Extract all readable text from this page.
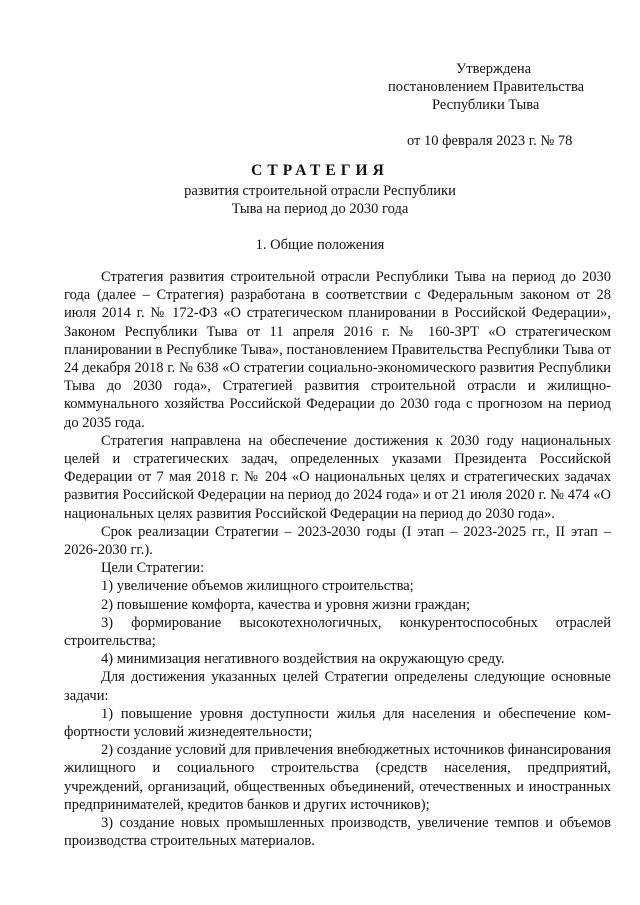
Утверждена
постановлением Правительства
Республики Тыва
от 10 февраля 2023 г. № 78
СТРАТЕГИЯ
развития строительной отрасли Республики
Тыва на период до 2030 года
1. Общие положения

Стратегия развития строительной отрасли Республики Тыва на период до 2030 года (далее – Стратегия) разработана в соответствии с Федеральным законом от 28 июля 2014 г. № 172-ФЗ «О стратегическом планировании в Российской Федерации», Законом Республики Тыва от 11 апреля 2016 г. № 160-ЗРТ «О стратегическом планировании в Республике Тыва», постановлением Правительства Республики Тыва от 24 декабря 2018 г. № 638 «О стратегии социально-экономического развития Республики Тыва до 2030 года», Стратегией развития строительной отрасли и жилищно-коммунального хозяйства Российской Федерации до 2030 года с прогнозом на период до 2035 года.

Стратегия направлена на обеспечение достижения к 2030 году национальных целей и стратегических задач, определенных указами Президента Российской Федерации от 7 мая 2018 г. № 204 «О национальных целях и стратегических задачах развития Российской Федерации на период до 2024 года» и от 21 июля 2020 г. № 474 «О национальных целях развития Российской Федерации на период до 2030 года».

Срок реализации Стратегии – 2023-2030 годы (I этап – 2023-2025 гг., II этап – 2026-2030 гг.).

Цели Стратегии:

1) увеличение объемов жилищного строительства;

2) повышение комфорта, качества и уровня жизни граждан;

3) формирование высокотехнологичных, конкурентоспособных отраслей строительства;

4) минимизация негативного воздействия на окружающую среду.

Для достижения указанных целей Стратегии определены следующие основные задачи:

1) повышение уровня доступности жилья для населения и обеспечение комфортности условий жизнедеятельности;

2) создание условий для привлечения внебюджетных источников финансирования жилищного и социального строительства (средств населения, предприятий, учреждений, организаций, общественных объединений, отечественных и иностранных предпринимателей, кредитов банков и других источников);

3) создание новых промышленных производств, увеличение темпов и объемов производства строительных материалов.
